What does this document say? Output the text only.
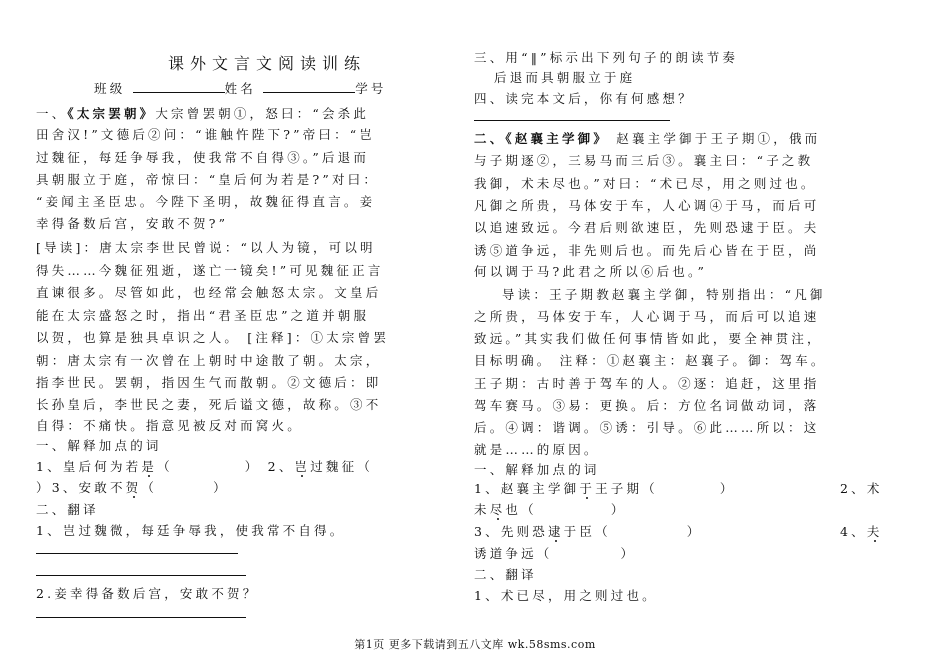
课外文言文阅读训练
班级	姓名	学号
一、《太宗罢朝》大宗曾罢朝①，怒曰：“会杀此
田舍汉!”文德后②问：“谁触忤陛下?”帝曰：“岂
过魏征，每廷争辱我，使我常不自得③。”后退而
具朝服立于庭，帝惊曰：“皇后何为若是?”对曰：
“妾闻主圣臣忠。今陛下圣明，故魏征得直言。妾
幸得备数后宫，安敢不贺?”
[导读]：唐太宗李世民曾说：“以人为镜，可以明
得失……今魏征殂逝，遂亡一镜矣!”可见魏征正言
直谏很多。尽管如此，也经常会触怒太宗。文皇后
能在太宗盛怒之时，指出“君圣臣忠”之道并朝服
以贺，也算是独具卓识之人。 [注释]：①太宗曾罢
朝：唐太宗有一次曾在上朝时中途散了朝。太宗，
指李世民。罢朝，指因生气而散朝。②文德后：即
长孙皇后，李世民之妻，死后谥文德，故称。③不
自得：不痛快。指意见被反对而窝火。
一、解释加点的词
1、皇后何为若是（	） 2、岂过魏征（
）3、安敢不贺（	）
二、翻译
1、岂过魏微，每廷争辱我，使我常不自得。
2.妾幸得备数后宫，安敢不贺？
三、用“‖”标示出下列句子的朗读节奏
后退而具朝服立于庭
四、读完本文后，你有何感想？
二、《赵襄主学御》 赵襄主学御于王子期①，俄而
与子期逐②，三易马而三后③。襄主曰：“子之教
我御，术未尽也。”对曰：“术已尽，用之则过也。
凡御之所贵，马体安于车，人心调④于马，而后可
以追速致远。今君后则欲速臣，先则恐逮于臣。夫
诱⑤道争远，非先则后也。而先后心皆在于臣，尚
何以调于马?此君之所以⑥后也。”
导读：王子期教赵襄主学御，特别指出：“凡御
之所贵，马体安于车，人心调于马，而后可以追速
致远。”其实我们做任何事情皆如此，要全神贯注，
目标明确。 注释：①赵襄主：赵襄子。御：驾车。
王子期：古时善于驾车的人。②逐：追赶，这里指
驾车赛马。③易：更换。后：方位名词做动词，落
后。④调：谐调。⑤诱：引导。⑥此……所以：这
就是……的原因。
一、解释加点的词
1、赵襄主学御于王子期（	）	2、术
未尽也（	）
3、先则恐逮于臣（	）	4、夫
诱道争远（	）
二、翻译
1、术已尽，用之则过也。
第1页 更多下载请到五八文库 wk.58sms.com
